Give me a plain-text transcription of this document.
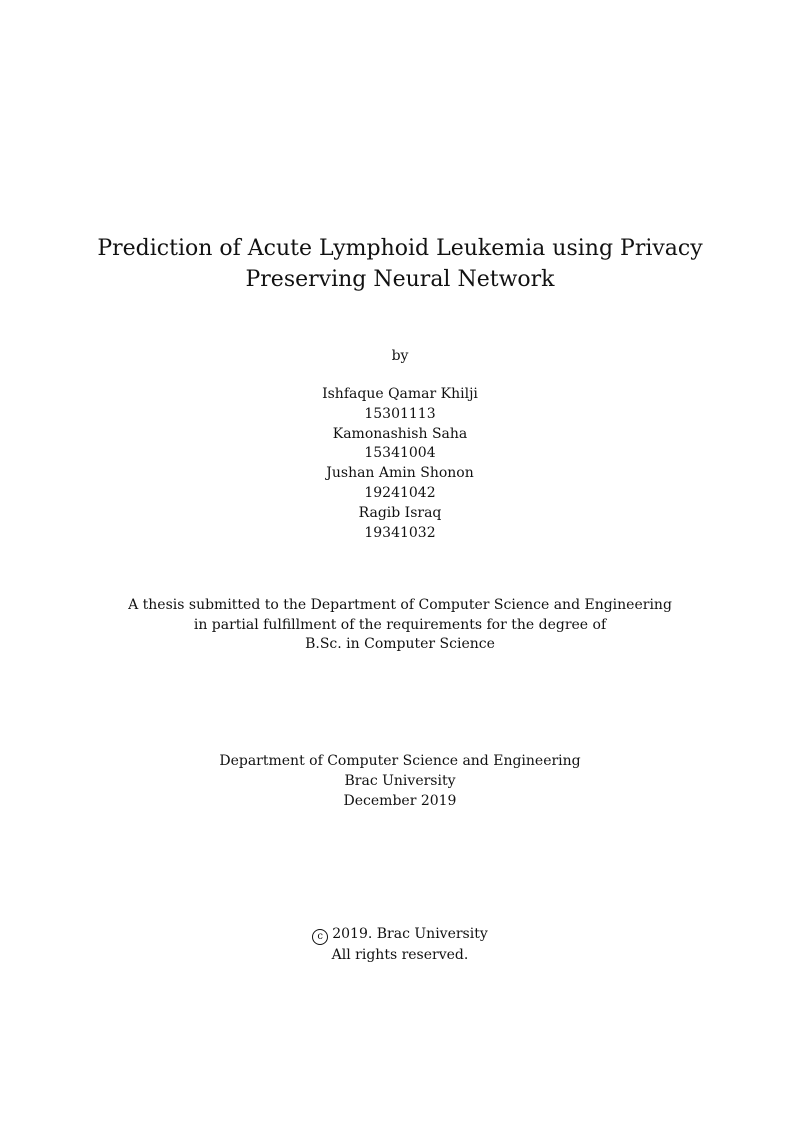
Prediction of Acute Lymphoid Leukemia using Privacy
Preserving Neural Network
by
Ishfaque Qamar Khilji
15301113
Kamonashish Saha
15341004
Jushan Amin Shonon
19241042
Ragib Israq
19341032
A thesis submitted to the Department of Computer Science and Engineering
in partial fulfillment of the requirements for the degree of
B.Sc. in Computer Science
Department of Computer Science and Engineering
Brac University
December 2019
c 2019. Brac University
All rights reserved.
